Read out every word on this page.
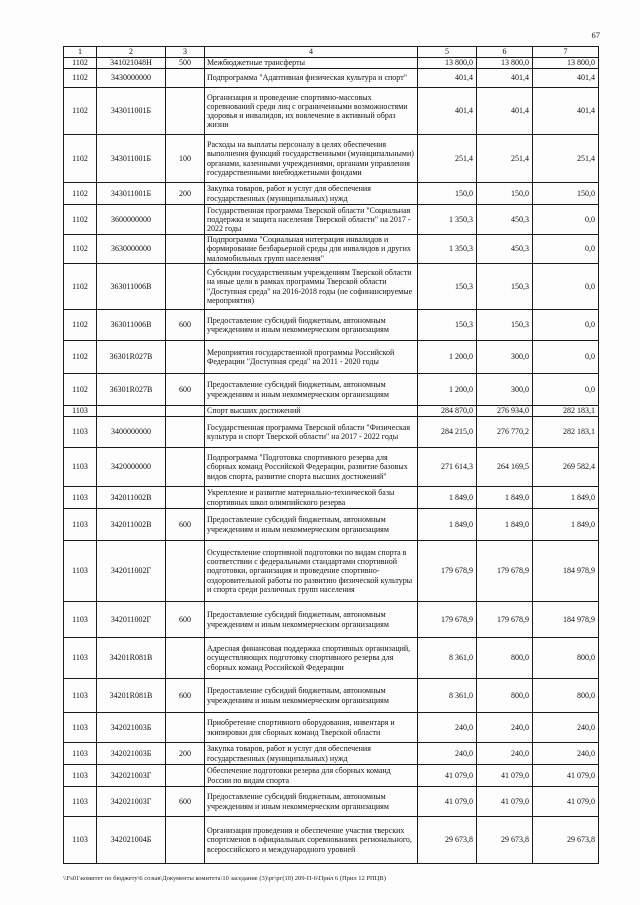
67
1	2	3	4	5	6	7
1102	341021048Н	500	Межбюджетные трансферты	13 800,0	13 800,0	13 800,0
1102	3430000000		Подпрограмма "Адаптивная физическая культура и спорт"	401,4	401,4	401,4
1102	343011001Б		Организация и проведение спортивно-массовых соревнований среди лиц с ограниченными возможностями здоровья и инвалидов, их вовлечение в активный образ жизни	401,4	401,4	401,4
1102	343011001Б	100	Расходы на выплаты персоналу в целях обеспечения выполнения функций государственными (муниципальными) органами, казенными учреждениями, органами управления государственными внебюджетными фондами	251,4	251,4	251,4
1102	343011001Б	200	Закупка товаров, работ и услуг для обеспечения государственных (муниципальных) нужд	150,0	150,0	150,0
1102	3600000000		Государственная программа Тверской области "Социальная поддержка и защита населения Тверской области" на 2017 - 2022 годы	1 350,3	450,3	0,0
1102	3630000000		Подпрограмма "Социальная интеграция инвалидов и формирование безбарьерной среды для инвалидов и других маломобильных групп населения"	1 350,3	450,3	0,0
1102	363011006В		Субсидии государственным учреждениям Тверской области на иные цели в рамках программы Тверской области "Доступная среда" на 2016-2018 годы (не софинансируемые мероприятия)	150,3	150,3	0,0
1102	363011006В	600	Предоставление субсидий бюджетным, автономным учреждениям и иным некоммерческим организациям	150,3	150,3	0,0
1102	36301R027В		Мероприятия государственной программы Российской Федерации "Доступная среда" на 2011 - 2020 годы	1 200,0	300,0	0,0
1102	36301R027В	600	Предоставление субсидий бюджетным, автономным учреждениям и иным некоммерческим организациям	1 200,0	300,0	0,0
1103			Спорт высших достижений	284 870,0	276 934,0	282 183,1
1103	3400000000		Государственная программа Тверской области "Физическая культура и спорт Тверской области" на 2017 - 2022 годы	284 215,0	276 770,2	282 183,1
1103	3420000000		Подпрограмма "Подготовка спортивного резерва для сборных команд Российской Федерации, развитие базовых видов спорта, развитие спорта высших достижений"	271 614,3	264 169,5	269 582,4
1103	342011002В		Укрепление и развитие материально-технической базы спортивных школ олимпийского резерва	1 849,0	1 849,0	1 849,0
1103	342011002В	600	Предоставление субсидий бюджетным, автономным учреждениям и иным некоммерческим организациям	1 849,0	1 849,0	1 849,0
1103	342011002Г		Осуществление спортивной подготовки по видам спорта в соответствии с федеральными стандартами спортивной подготовки, организация и проведение спортивно-оздоровительной работы по развитию физической культуры и спорта среди различных групп населения	179 678,9	179 678,9	184 978,9
1103	342011002Г	600	Предоставление субсидий бюджетным, автономным учреждениям и иным некоммерческим организациям	179 678,9	179 678,9	184 978,9
1103	34201R081В		Адресная финансовая поддержка спортивных организаций, осуществляющих подготовку спортивного резерва для сборных команд Российской Федерации	8 361,0	800,0	800,0
1103	34201R081В	600	Предоставление субсидий бюджетным, автономным учреждениям и иным некоммерческим организациям	8 361,0	800,0	800,0
1103	342021003Б		Приобретение спортивного оборудования, инвентаря и экипировки для сборных команд Тверской области	240,0	240,0	240,0
1103	342021003Б	200	Закупка товаров, работ и услуг для обеспечения государственных (муниципальных) нужд	240,0	240,0	240,0
1103	342021003Г		Обеспечение подготовки резерва для сборных команд России по видам спорта	41 079,0	41 079,0	41 079,0
1103	342021003Г	600	Предоставление субсидий бюджетным, автономным учреждениям и иным некоммерческим организациям	41 079,0	41 079,0	41 079,0
1103	342021004Б		Организация проведения и обеспечение участия тверских спортсменов в официальных соревнованиях регионального, всероссийского и международного уровней	29 673,8	29 673,8	29 673,8
\\Fs01\комитет по бюджету\6 созыв\Документы комитета\10 заседание (3)\рг\рг(10) 209-П-6\Прил 6 (Прил 12 РПЦВ)
